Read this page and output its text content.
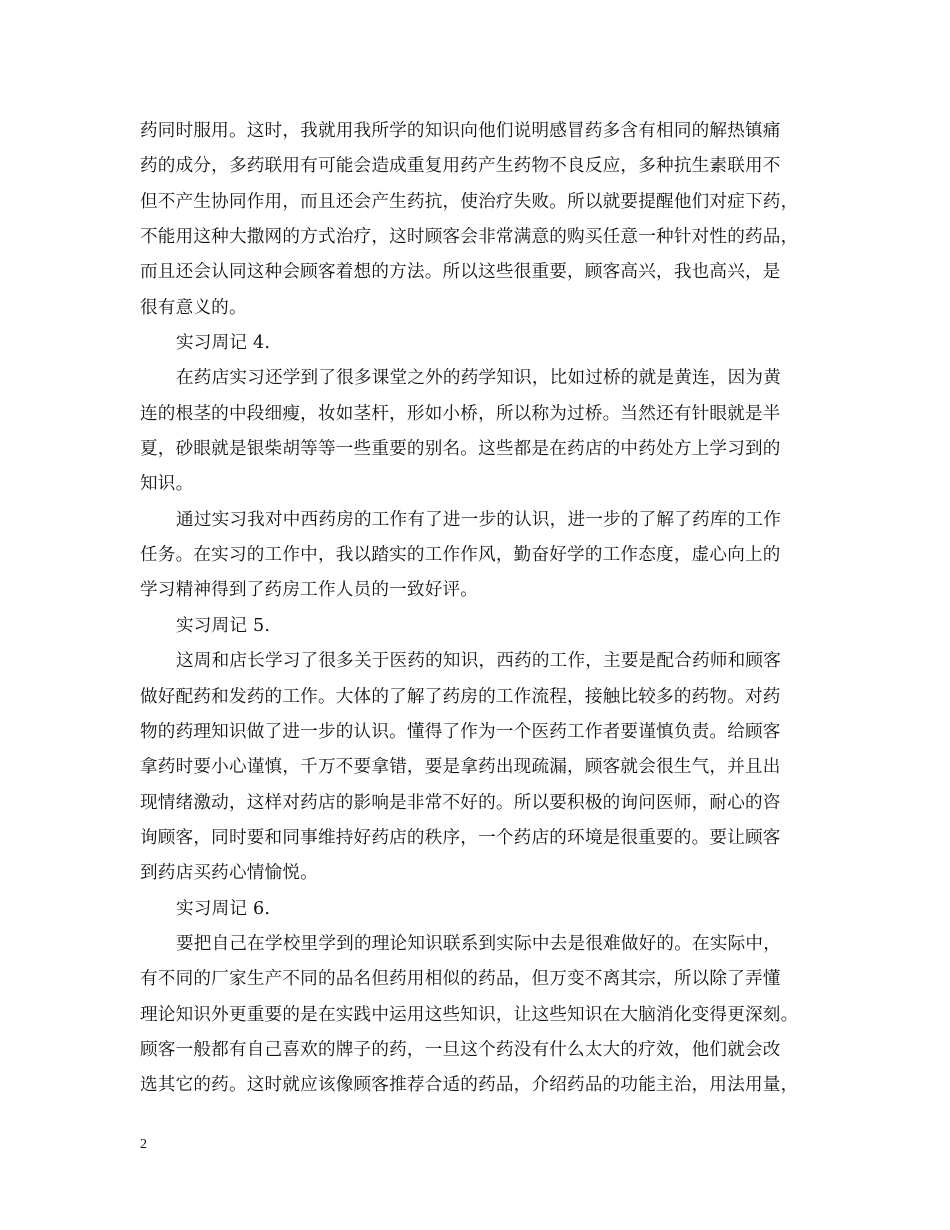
药同时服用。这时，我就用我所学的知识向他们说明感冒药多含有相同的解热镇痛
药的成分，多药联用有可能会造成重复用药产生药物不良反应，多种抗生素联用不
但不产生协同作用，而且还会产生药抗，使治疗失败。所以就要提醒他们对症下药，
不能用这种大撒网的方式治疗，这时顾客会非常满意的购买任意一种针对性的药品，
而且还会认同这种会顾客着想的方法。所以这些很重要，顾客高兴，我也高兴，是
很有意义的。
实习周记 4.
在药店实习还学到了很多课堂之外的药学知识，比如过桥的就是黄连，因为黄
连的根茎的中段细瘦，妆如茎杆，形如小桥，所以称为过桥。当然还有针眼就是半
夏，砂眼就是银柴胡等等一些重要的别名。这些都是在药店的中药处方上学习到的
知识。
通过实习我对中西药房的工作有了进一步的认识，进一步的了解了药库的工作
任务。在实习的工作中，我以踏实的工作作风，勤奋好学的工作态度，虚心向上的
学习精神得到了药房工作人员的一致好评。
实习周记 5.
这周和店长学习了很多关于医药的知识，西药的工作，主要是配合药师和顾客
做好配药和发药的工作。大体的了解了药房的工作流程，接触比较多的药物。对药
物的药理知识做了进一步的认识。懂得了作为一个医药工作者要谨慎负责。给顾客
拿药时要小心谨慎，千万不要拿错，要是拿药出现疏漏，顾客就会很生气，并且出
现情绪激动，这样对药店的影响是非常不好的。所以要积极的询问医师，耐心的咨
询顾客，同时要和同事维持好药店的秩序，一个药店的环境是很重要的。要让顾客
到药店买药心情愉悦。
实习周记 6.
要把自己在学校里学到的理论知识联系到实际中去是很难做好的。在实际中，
有不同的厂家生产不同的品名但药用相似的药品，但万变不离其宗，所以除了弄懂
理论知识外更重要的是在实践中运用这些知识，让这些知识在大脑消化变得更深刻。
顾客一般都有自己喜欢的牌子的药，一旦这个药没有什么太大的疗效，他们就会改
选其它的药。这时就应该像顾客推荐合适的药品，介绍药品的功能主治，用法用量，
2
